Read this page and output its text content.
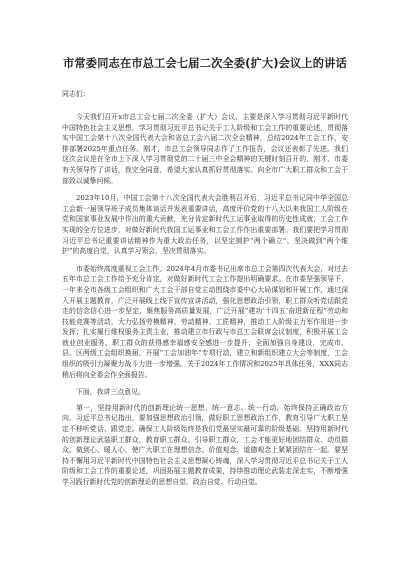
市常委同志在市总工会七届二次全委(扩大)会议上的讲话

同志们：

今天我们召开x市总工会七届二次全委（扩大）会议，主要是深入学习贯彻习近平新时代中国特色社会主义思想，学习贯彻习近平总书记关于工人阶级和工会工作的重要论述，贯彻落实中国工会第十八次全国代表大会和省总工会六届二次全会精神，总结2024年工会工作，安排部署2025年重点任务。刚才，市总工会领导同志作了工作报告，会议还表彰了先进。我们这次会议是在全市上下深入学习贯彻党的二十届三中全会精神的关键时刻召开的，刚才，市委有关领导作了讲话，我完全同意，希望大家认真抓好贯彻落实。向全市广大职工群众和工会干部致以诚挚问候。

2023年10月，中国工会第十八次全国代表大会胜利召开后，习近平总书记同中华全国总工会新一届领导班子成员集体谈话并发表重要讲话，高度评价党的十八大以来我国工人阶级在党和国家事业发展中作出的重大贡献，充分肯定新时代工运事业取得的历史性成就，工会工作实现的全方位进步，对做好新时代我国工运事业和工会工作作出重要部署。我们要把学习贯彻习近平总书记重要讲话精神作为重大政治任务，以坚定拥护“两个确立”、坚决做到“两个维护”的高度自觉，认真学习领会，坚决贯彻落实。

市委始终高度重视工会工作。2024年4月市委书记出席市总工会第四次代表大会，对过去五年市总工会工作给予充分肯定，对做好新时代工会工作提出明确要求。在市委坚强领导下，一年来全市各级工会组织和广大工会干部自觉主动围绕市委中心大局谋划和开展工作，通过深入开展主题教育，广泛开展线上线下宣传宣讲活动，强化思想政治引领，职工群众听党话跟党走的信念信心进一步坚定，聚焦服务高质量发展，广泛开展“建功‘十四五’奋进新征程”劳动和技能竞赛等活动，大力弘扬劳模精神、劳动精神、工匠精神，推动工人阶级主力军作用进一步发挥；扎实履行维权服务主责主业，推动建立市行政与市总工会联席会议制度，积极开展工会就业创业服务，职工群众的获得感幸福感安全感进一步提升；全面加强自身建设，完成市、县、区两级工会组织换届，开展“工会加油年”专项行动，建立和新组织建立大会等制度，工会组织的吸引力凝聚力战斗力进一步增强。关于2024年工作情况和2025年具体任务，XXX同志稍后将向全委会作全面报告。

下面，我讲三点意见。

第一，坚持用新时代的创新理论统一思想、统一意志、统一行动，始终保持正确政治方向。习近平总书记指出，要加强思想政治引领，做好职工思想政治工作，教育引导广大职工坚定不移听党话、跟党走。确保工人阶级始终是我们党最坚实最可靠的阶级基础。坚持用新时代的创新理论武装职工群众，教育职工群众、引导职工群众，工会才能更好地团结群众、动员群众。做到心、暖人心，使广大职工在理想信念、价值观念、道德观念上紧紧团结在一起。要坚持不懈用习近平新时代中国特色社会主义思想凝心铸魂，深入学习贯彻习近平总书记关于工人阶级和工会工作的重要论述，巩固拓展主题教育成果，持续推动理论武装走深走实，不断增强学习践行新时代党的创新理论的思想自觉、政治自觉、行动自觉。
